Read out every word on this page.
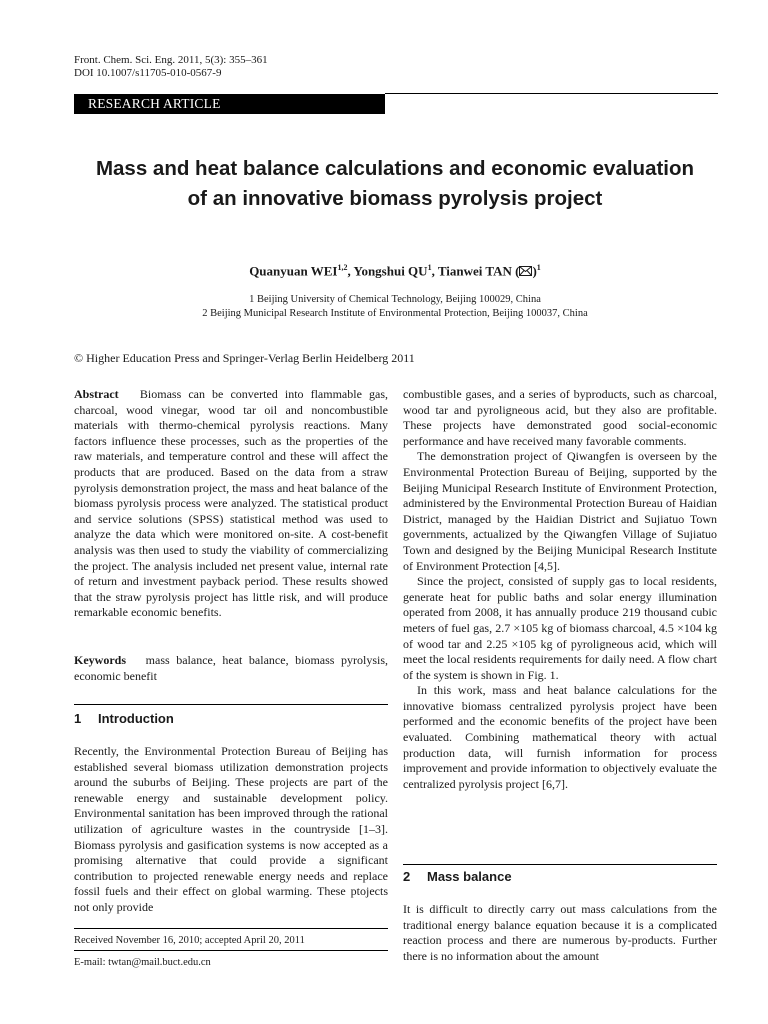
Front. Chem. Sci. Eng. 2011, 5(3): 355–361
DOI 10.1007/s11705-010-0567-9
RESEARCH ARTICLE
Mass and heat balance calculations and economic evaluation
of an innovative biomass pyrolysis project
Quanyuan WEI$^{1,2}$, Yongshui $QU^1$, Tianwei TAN ( )$^1$
1 Beijing University of Chemical Technology, Beijing 100029, China
2 Beijing Municipal Research Institute of Environmental Protection, Beijing 100037, China
© Higher Education Press and Springer-Verlag Berlin Heidelberg 2011

Abstract Biomass can be converted into flammable gas, charcoal, wood vinegar, wood tar oil and noncombustible materials with thermo-chemical pyrolysis reactions. Many factors influence these processes, such as the properties of the raw materials, and temperature control and these will affect the products that are produced. Based on the data from a straw pyrolysis demonstration project, the mass and heat balance of the biomass pyrolysis process were analyzed. The statistical product and service solutions (SPSS) statistical method was used to analyze the data which were monitored on-site. A cost-benefit analysis was then used to study the viability of commercializing the project. The analysis included net present value, internal rate of return and investment payback period. These results showed that the straw pyrolysis project has little risk, and will produce remarkable economic benefits.

Keywords mass balance, heat balance, biomass pyrolysis, economic benefit

1 Introduction

Recently, the Environmental Protection Bureau of Beijing has established several biomass utilization demonstration projects around the suburbs of Beijing. These projects are part of the renewable energy and sustainable development policy. Environmental sanitation has been improved through the rational utilization of agriculture wastes in the countryside [1–3]. Biomass pyrolysis and gasification systems is now accepted as a promising alternative that could provide a significant contribution to projected renewable energy needs and replace fossil fuels and their effect on global warming. These ptojects not only provide

Received November 16, 2010; accepted April 20, 2011
E-mail: twtan@mail.buct.edu.cn

combustible gases, and a series of byproducts, such as charcoal, wood tar and pyroligneous acid, but they also are profitable. These projects have demonstrated good social-economic performance and have received many favorable comments.

The demonstration project of Qiwangfen is overseen by the Environmental Protection Bureau of Beijing, supported by the Beijing Municipal Research Institute of Environment Protection, administered by the Environmental Protection Bureau of Haidian District, managed by the Haidian District and Sujiatuo Town governments, actualized by the Qiwangfen Village of Sujiatuo Town and designed by the Beijing Municipal Research Institute of Environment Protection [4,5].

Since the project, consisted of supply gas to local residents, generate heat for public baths and solar energy illumination operated from 2008, it has annually produce 219 thousand cubic meters of fuel gas, 2.7 ×105 kg of biomass charcoal, 4.5 ×104 kg of wood tar and 2.25 ×105 kg of pyroligneous acid, which will meet the local residents requirements for daily need. A flow chart of the system is shown in Fig. 1.

In this work, mass and heat balance calculations for the innovative biomass centralized pyrolysis project have been performed and the economic benefits of the project have been evaluated. Combining mathematical theory with actual production data, will furnish information for process improvement and provide information to objectively evaluate the centralized pyrolysis project [6,7].

2 Mass balance

It is difficult to directly carry out mass calculations from the traditional energy balance equation because it is a complicated reaction process and there are numerous by-products. Further there is no information about the amount
